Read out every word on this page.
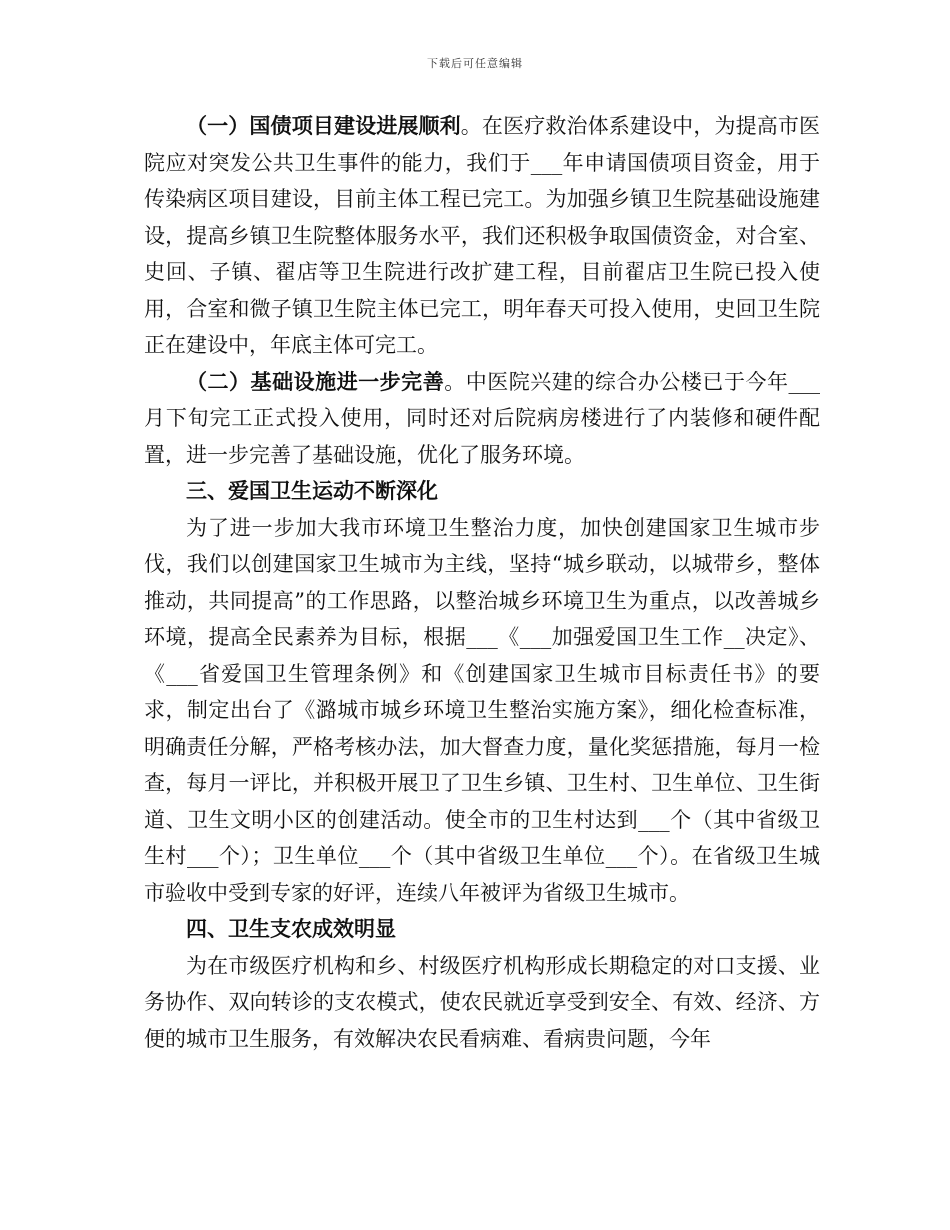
下载后可任意编辑

（一）国债项目建设进展顺利。在医疗救治体系建设中，为提高市医院应对突发公共卫生事件的能力，我们于___年申请国债项目资金，用于传染病区项目建设，目前主体工程已完工。为加强乡镇卫生院基础设施建设，提高乡镇卫生院整体服务水平，我们还积极争取国债资金，对合室、史回、子镇、翟店等卫生院进行改扩建工程，目前翟店卫生院已投入使用，合室和微子镇卫生院主体已完工，明年春天可投入使用，史回卫生院正在建设中，年底主体可完工。

（二）基础设施进一步完善。中医院兴建的综合办公楼已于今年___月下旬完工正式投入使用，同时还对后院病房楼进行了内装修和硬件配置，进一步完善了基础设施，优化了服务环境。

三、爱国卫生运动不断深化

为了进一步加大我市环境卫生整治力度，加快创建国家卫生城市步伐，我们以创建国家卫生城市为主线，坚持“城乡联动，以城带乡，整体推动，共同提高”的工作思路，以整治城乡环境卫生为重点，以改善城乡环境，提高全民素养为目标，根据___《___加强爱国卫生工作__决定》、《___省爱国卫生管理条例》和《创建国家卫生城市目标责任书》的要求，制定出台了《潞城市城乡环境卫生整治实施方案》，细化检查标准，明确责任分解，严格考核办法，加大督查力度，量化奖惩措施，每月一检查，每月一评比，并积极开展卫了卫生乡镇、卫生村、卫生单位、卫生街道、卫生文明小区的创建活动。使全市的卫生村达到___个（其中省级卫生村___个）；卫生单位___个（其中省级卫生单位___个）。在省级卫生城市验收中受到专家的好评，连续八年被评为省级卫生城市。

四、卫生支农成效明显

为在市级医疗机构和乡、村级医疗机构形成长期稳定的对口支援、业务协作、双向转诊的支农模式，使农民就近享受到安全、有效、经济、方便的城市卫生服务，有效解决农民看病难、看病贵问题，今年
